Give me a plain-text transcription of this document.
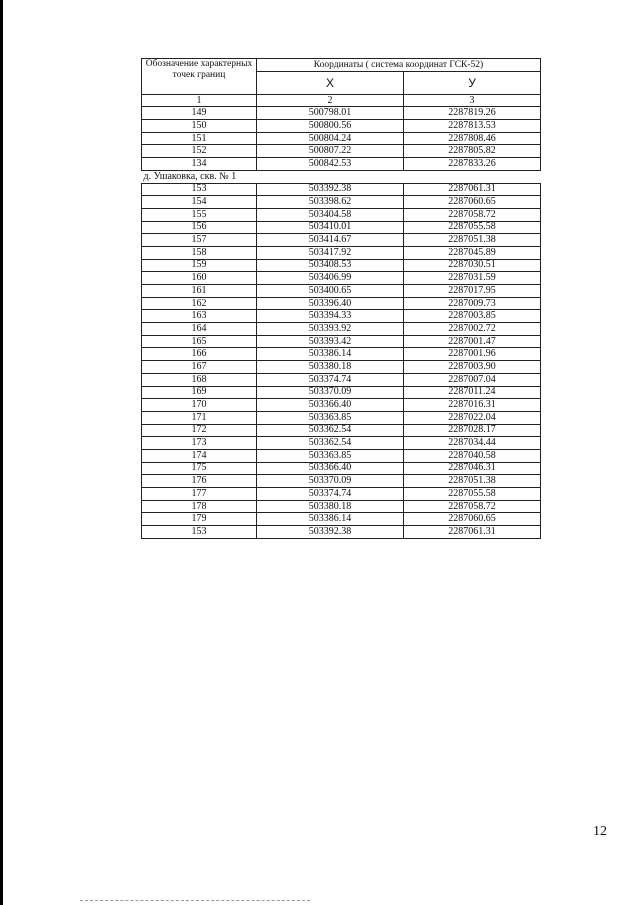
Обозначение характерных точек границ	Координаты ( система координат ГСК-52)	
	X	У
1	2	3
149	500798.01	2287819.26
150	500800.56	2287813.53
151	500804.24	2287808.46
152	500807.22	2287805.82
134	500842.53	2287833.26
д. Ушаковка, скв. № 1		
153	503392.38	2287061.31
154	503398.62	2287060.65
155	503404.58	2287058.72
156	503410.01	2287055.58
157	503414.67	2287051.38
158	503417.92	2287045.89
159	503408.53	2287030.51
160	503406.99	2287031.59
161	503400.65	2287017.95
162	503396.40	2287009.73
163	503394.33	2287003.85
164	503393.92	2287002.72
165	503393.42	2287001.47
166	503386.14	2287001.96
167	503380.18	2287003.90
168	503374.74	2287007.04
169	503370.09	2287011.24
170	503366.40	2287016.31
171	503363.85	2287022.04
172	503362.54	2287028.17
173	503362.54	2287034.44
174	503363.85	2287040.58
175	503366.40	2287046.31
176	503370.09	2287051.38
177	503374.74	2287055.58
178	503380.18	2287058.72
179	503386.14	2287060.65
153	503392.38	2287061.31
12
